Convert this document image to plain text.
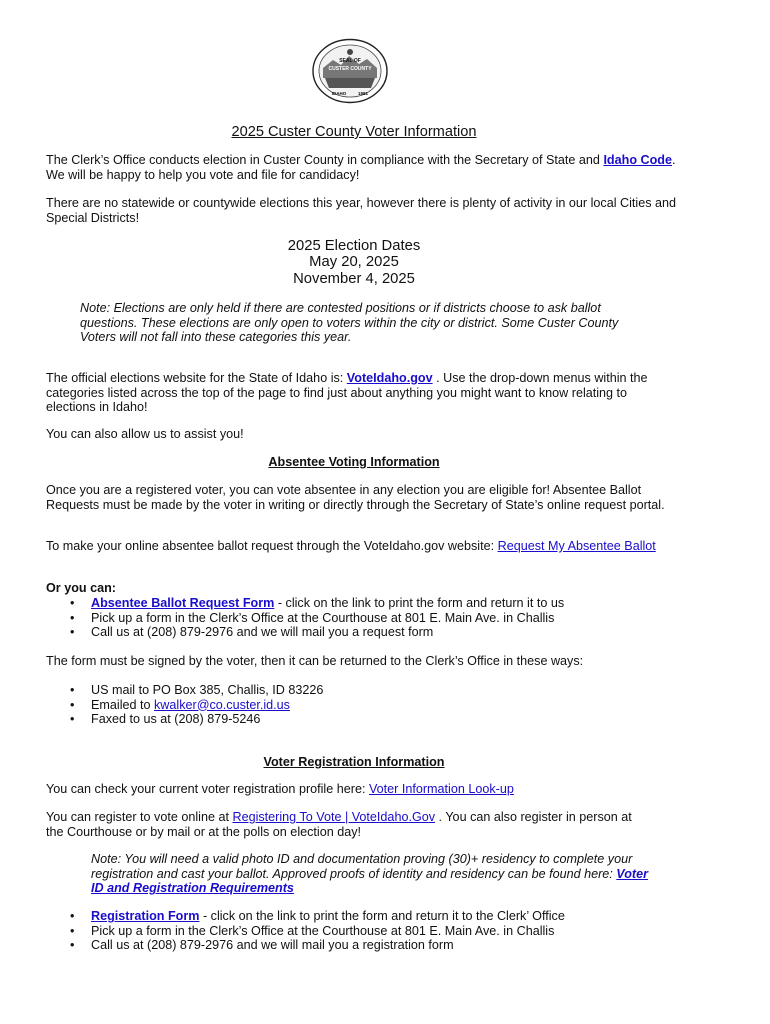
SEAL OF
CUSTER COUNTY
IDAHO	1881

2025 Custer County Voter Information

The Clerk’s Office conducts election in Custer County in compliance with the Secretary of State and Idaho Code. We will be happy to help you vote and file for candidacy!

There are no statewide or countywide elections this year, however there is plenty of activity in our local Cities and Special Districts!

2025 Election Dates
May 20, 2025
November 4, 2025

Note: Elections are only held if there are contested positions or if districts choose to ask ballot questions. These elections are only open to voters within the city or district. Some Custer County Voters will not fall into these categories this year.

The official elections website for the State of Idaho is: VoteIdaho.gov . Use the drop-down menus within the categories listed across the top of the page to find just about anything you might want to know relating to elections in Idaho!

You can also allow us to assist you!

Absentee Voting Information

Once you are a registered voter, you can vote absentee in any election you are eligible for! Absentee Ballot Requests must be made by the voter in writing or directly through the Secretary of State’s online request portal.

To make your online absentee ballot request through the VoteIdaho.gov website: Request My Absentee Ballot

Or you can:

• Absentee Ballot Request Form - click on the link to print the form and return it to us
• Pick up a form in the Clerk’s Office at the Courthouse at 801 E. Main Ave. in Challis
• Call us at (208) 879-2976 and we will mail you a request form

The form must be signed by the voter, then it can be returned to the Clerk’s Office in these ways:

• US mail to PO Box 385, Challis, ID 83226
• Emailed to kwalker@co.custer.id.us
• Faxed to us at (208) 879-5246

Voter Registration Information

You can check your current voter registration profile here: Voter Information Look-up

You can register to vote online at Registering To Vote | VoteIdaho.Gov . You can also register in person at the Courthouse or by mail or at the polls on election day!

Note: You will need a valid photo ID and documentation proving (30)+ residency to complete your registration and cast your ballot. Approved proofs of identity and residency can be found here: Voter ID and Registration Requirements

• Registration Form - click on the link to print the form and return it to the Clerk’ Office
• Pick up a form in the Clerk’s Office at the Courthouse at 801 E. Main Ave. in Challis
• Call us at (208) 879-2976 and we will mail you a registration form
